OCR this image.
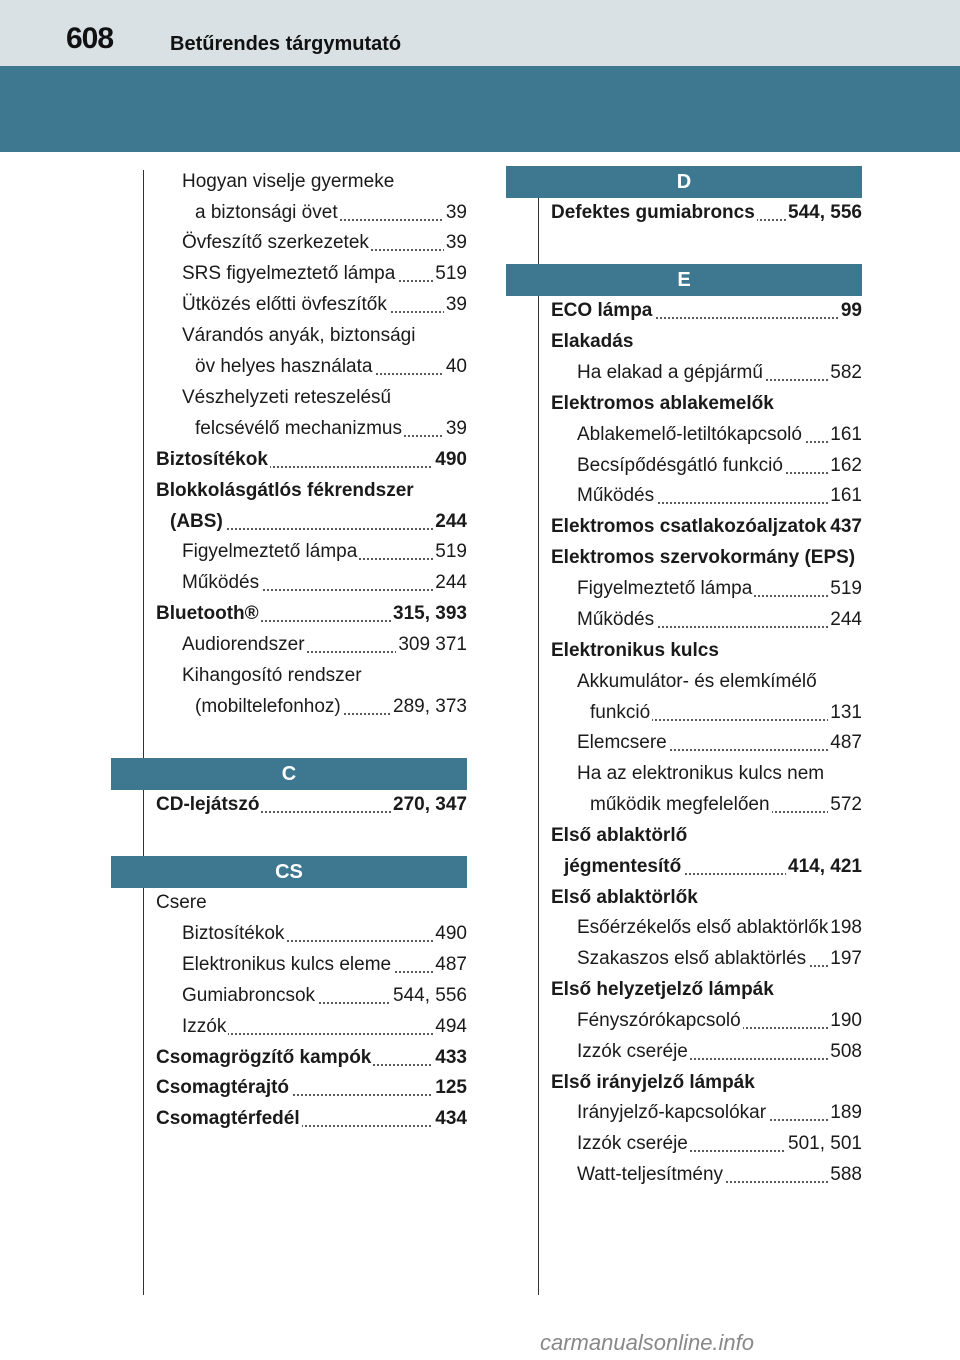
608	Betűrendes tárgymutató
Hogyan viselje gyermeke
a biztonsági övet	39
Övfeszítő szerkezetek	39
SRS figyelmeztető lámpa 519
Ütközés előtti övfeszítők	39
Várandós anyák, biztonsági
öv helyes használata	40
Vészhelyzeti reteszelésű
felcsévélő mechanizmus 39
Biztosítékok	490
Blokkolásgátlós fékrendszer
(ABS)	244
Figyelmeztető lámpa	519
Működés	244
Bluetooth®	315, 393
Audiorendszer	309 371
Kihangosító rendszer
(mobiltelefonhoz)	289, 373
C
CD-lejátszó	270, 347
CS
Csere
Biztosítékok	490
Elektronikus kulcs eleme 487
Gumiabroncsok	544, 556
Izzók	494
Csomagrögzítő kampók	433
Csomagtérajtó	125
Csomagtérfedél	434
D
Defektes gumiabroncs 544, 556
E
ECO lámpa	99
Elakadás
Ha elakad a gépjármű	582
Elektromos ablakemelők
Ablakemelő-letiltókapcsoló 161
Becsípődésgátló funkció 162
Működés	161
Elektromos csatlakozóaljzatok 437
Elektromos szervokormány (EPS)
Figyelmeztető lámpa	519
Működés	244
Elektronikus kulcs
Akkumulátor- és elemkímélő
funkció	131
Elemcsere	487
Ha az elektronikus kulcs nem
működik megfelelően	572
Első ablaktörlő
jégmentesítő	414, 421
Első ablaktörlők
Esőérzékelős első ablaktörlők 198
Szakaszos első ablaktörlés 197
Első helyzetjelző lámpák
Fényszórókapcsoló	190
Izzók cseréje	508
Első irányjelző lámpák
Irányjelző-kapcsolókar	189
Izzók cseréje	501, 501
Watt-teljesítmény	588
carmanualsonline.info
